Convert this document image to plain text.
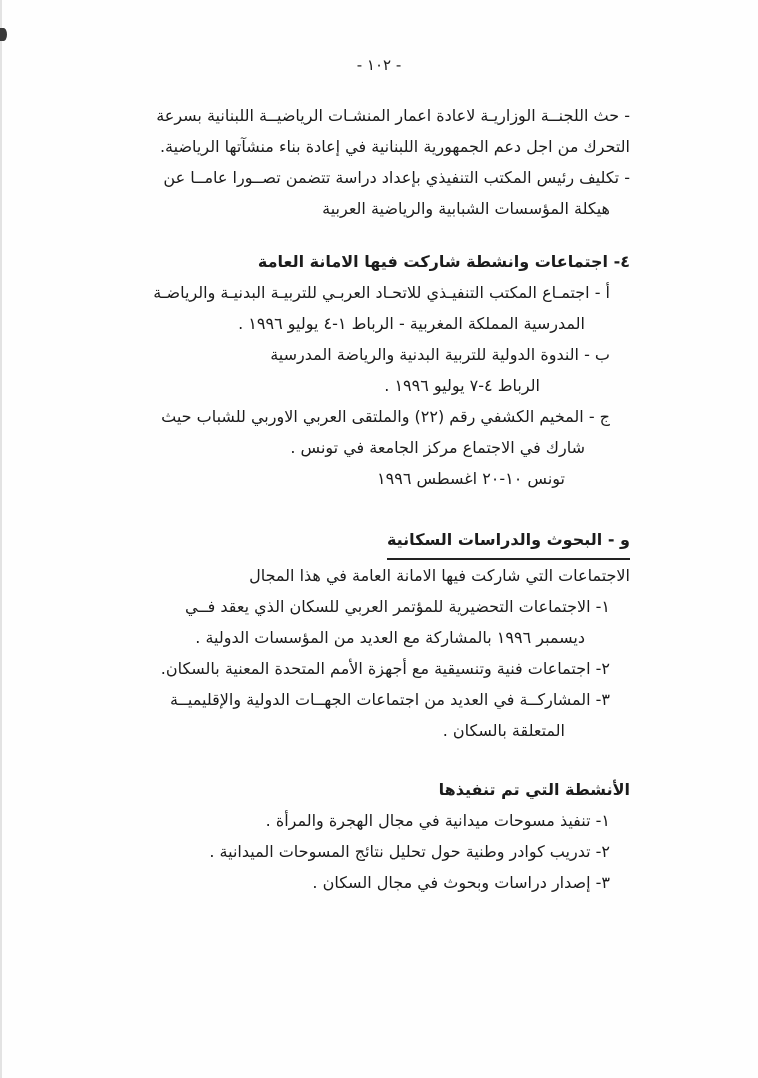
- ١٠٢ -
- حث اللجنــة الوزاريـة لاعادة اعمار المنشـات الرياضيــة اللبنانية بسرعة
التحرك من اجل دعم الجمهورية اللبنانية في إعادة بناء منشآتها الرياضية.
- تكليف رئيس المكتب التنفيذي بإعداد دراسة تتضمن تصــورا عامــا عن
هيكلة المؤسسات الشبابية والرياضية العربية
٤- اجتماعات وانشطة شاركت فيها الامانة العامة
أ - اجتمـاع المكتب التنفيـذي للاتحـاد العربـي للتربيـة البدنيـة والرياضـة
المدرسية المملكة المغربية - الرباط ١-٤ يوليو ١٩٩٦ .
ب - الندوة الدولية للتربية البدنية والرياضة المدرسية
الرباط ٤-٧ يوليو ١٩٩٦ .
ج - المخيم الكشفي رقم (٢٢) والملتقى العربي الاوربي للشباب حيث
شارك في الاجتماع مركز الجامعة في تونس .
تونس ١٠-٢٠ اغسطس ١٩٩٦
و - البحوث والدراسات السكانية
الاجتماعات التي شاركت فيها الامانة العامة في هذا المجال
١- الاجتماعات التحضيرية للمؤتمر العربي للسكان الذي يعقد فــي
ديسمبر ١٩٩٦ بالمشاركة مع العديد من المؤسسات الدولية .
٢- اجتماعات فنية وتنسيقية مع أجهزة الأمم المتحدة المعنية بالسكان.
٣- المشاركــة في العديد من اجتماعات الجهــات الدولية والإقليميــة
المتعلقة بالسكان .
الأنشطة التي تم تنفيذها
١- تنفيذ مسوحات ميدانية في مجال الهجرة والمرأة .
٢- تدريب كوادر وطنية حول تحليل نتائج المسوحات الميدانية .
٣- إصدار دراسات وبحوث في مجال السكان .
